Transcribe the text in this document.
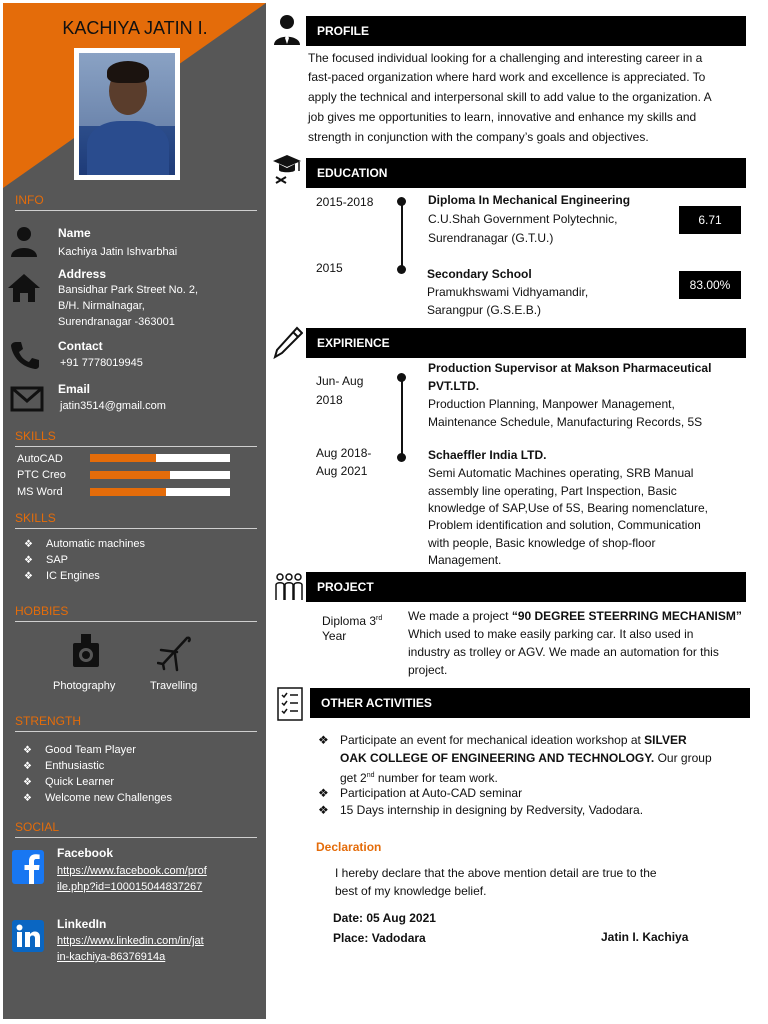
KACHIYA JATIN I.
INFO
Name
Kachiya Jatin Ishvarbhai
Address
Bansidhar Park Street No. 2,
B/H. Nirmalnagar,
Surendranagar -363001
Contact
+91 7778019945
Email
jatin3514@gmail.com
SKILLS
AutoCAD
PTC Creo
MS Word
SKILLS
❖ Automatic machines
❖ SAP
❖ IC Engines
HOBBIES
Photography	Travelling
STRENGTH
❖ Good Team Player
❖ Enthusiastic
❖ Quick Learner
❖ Welcome new Challenges
SOCIAL
Facebook
https://www.facebook.com/prof
ile.php?id=100015044837267
LinkedIn
https://www.linkedin.com/in/jat
in-kachiya-86376914a
PROFILE
The focused individual looking for a challenging and interesting career in a
fast-paced organization where hard work and excellence is appreciated. To
apply the technical and interpersonal skill to add value to the organization. A
job gives me opportunities to learn, innovative and enhance my skills and
strength in conjunction with the company’s goals and objectives.
EDUCATION
2015-2018	Diploma In Mechanical Engineering
C.U.Shah Government Polytechnic,
Surendranagar (G.T.U.)
6.71
2015	Secondary School
Pramukhswami Vidhyamandir,
Sarangpur (G.S.E.B.)
83.00%
EXPIRIENCE
Jun- Aug
2018
Production Supervisor at Makson Pharmaceutical
PVT.LTD.
Production Planning, Manpower Management,
Maintenance Schedule, Manufacturing Records, 5S
Aug 2018-
Aug 2021
Schaeffler India LTD.
Semi Automatic Machines operating, SRB Manual
assembly line operating, Part Inspection, Basic
knowledge of SAP,Use of 5S, Bearing nomenclature,
Problem identification and solution, Communication
with people, Basic knowledge of shop-floor
Management.
PROJECT
Diploma 3rd
Year
We made a project “90 DEGREE STEERRING MECHANISM”
Which used to make easily parking car. It also used in
industry as trolley or AGV. We made an automation for this
project.
OTHER ACTIVITIES
❖ Participate an event for mechanical ideation workshop at SILVER
OAK COLLEGE OF ENGINEERING AND TECHNOLOGY. Our group
get 2nd number for team work.
❖ Participation at Auto-CAD seminar
❖ 15 Days internship in designing by Redversity, Vadodara.
Declaration
I hereby declare that the above mention detail are true to the
best of my knowledge belief.
Date: 05 Aug 2021
Place: Vadodara	Jatin I. Kachiya
